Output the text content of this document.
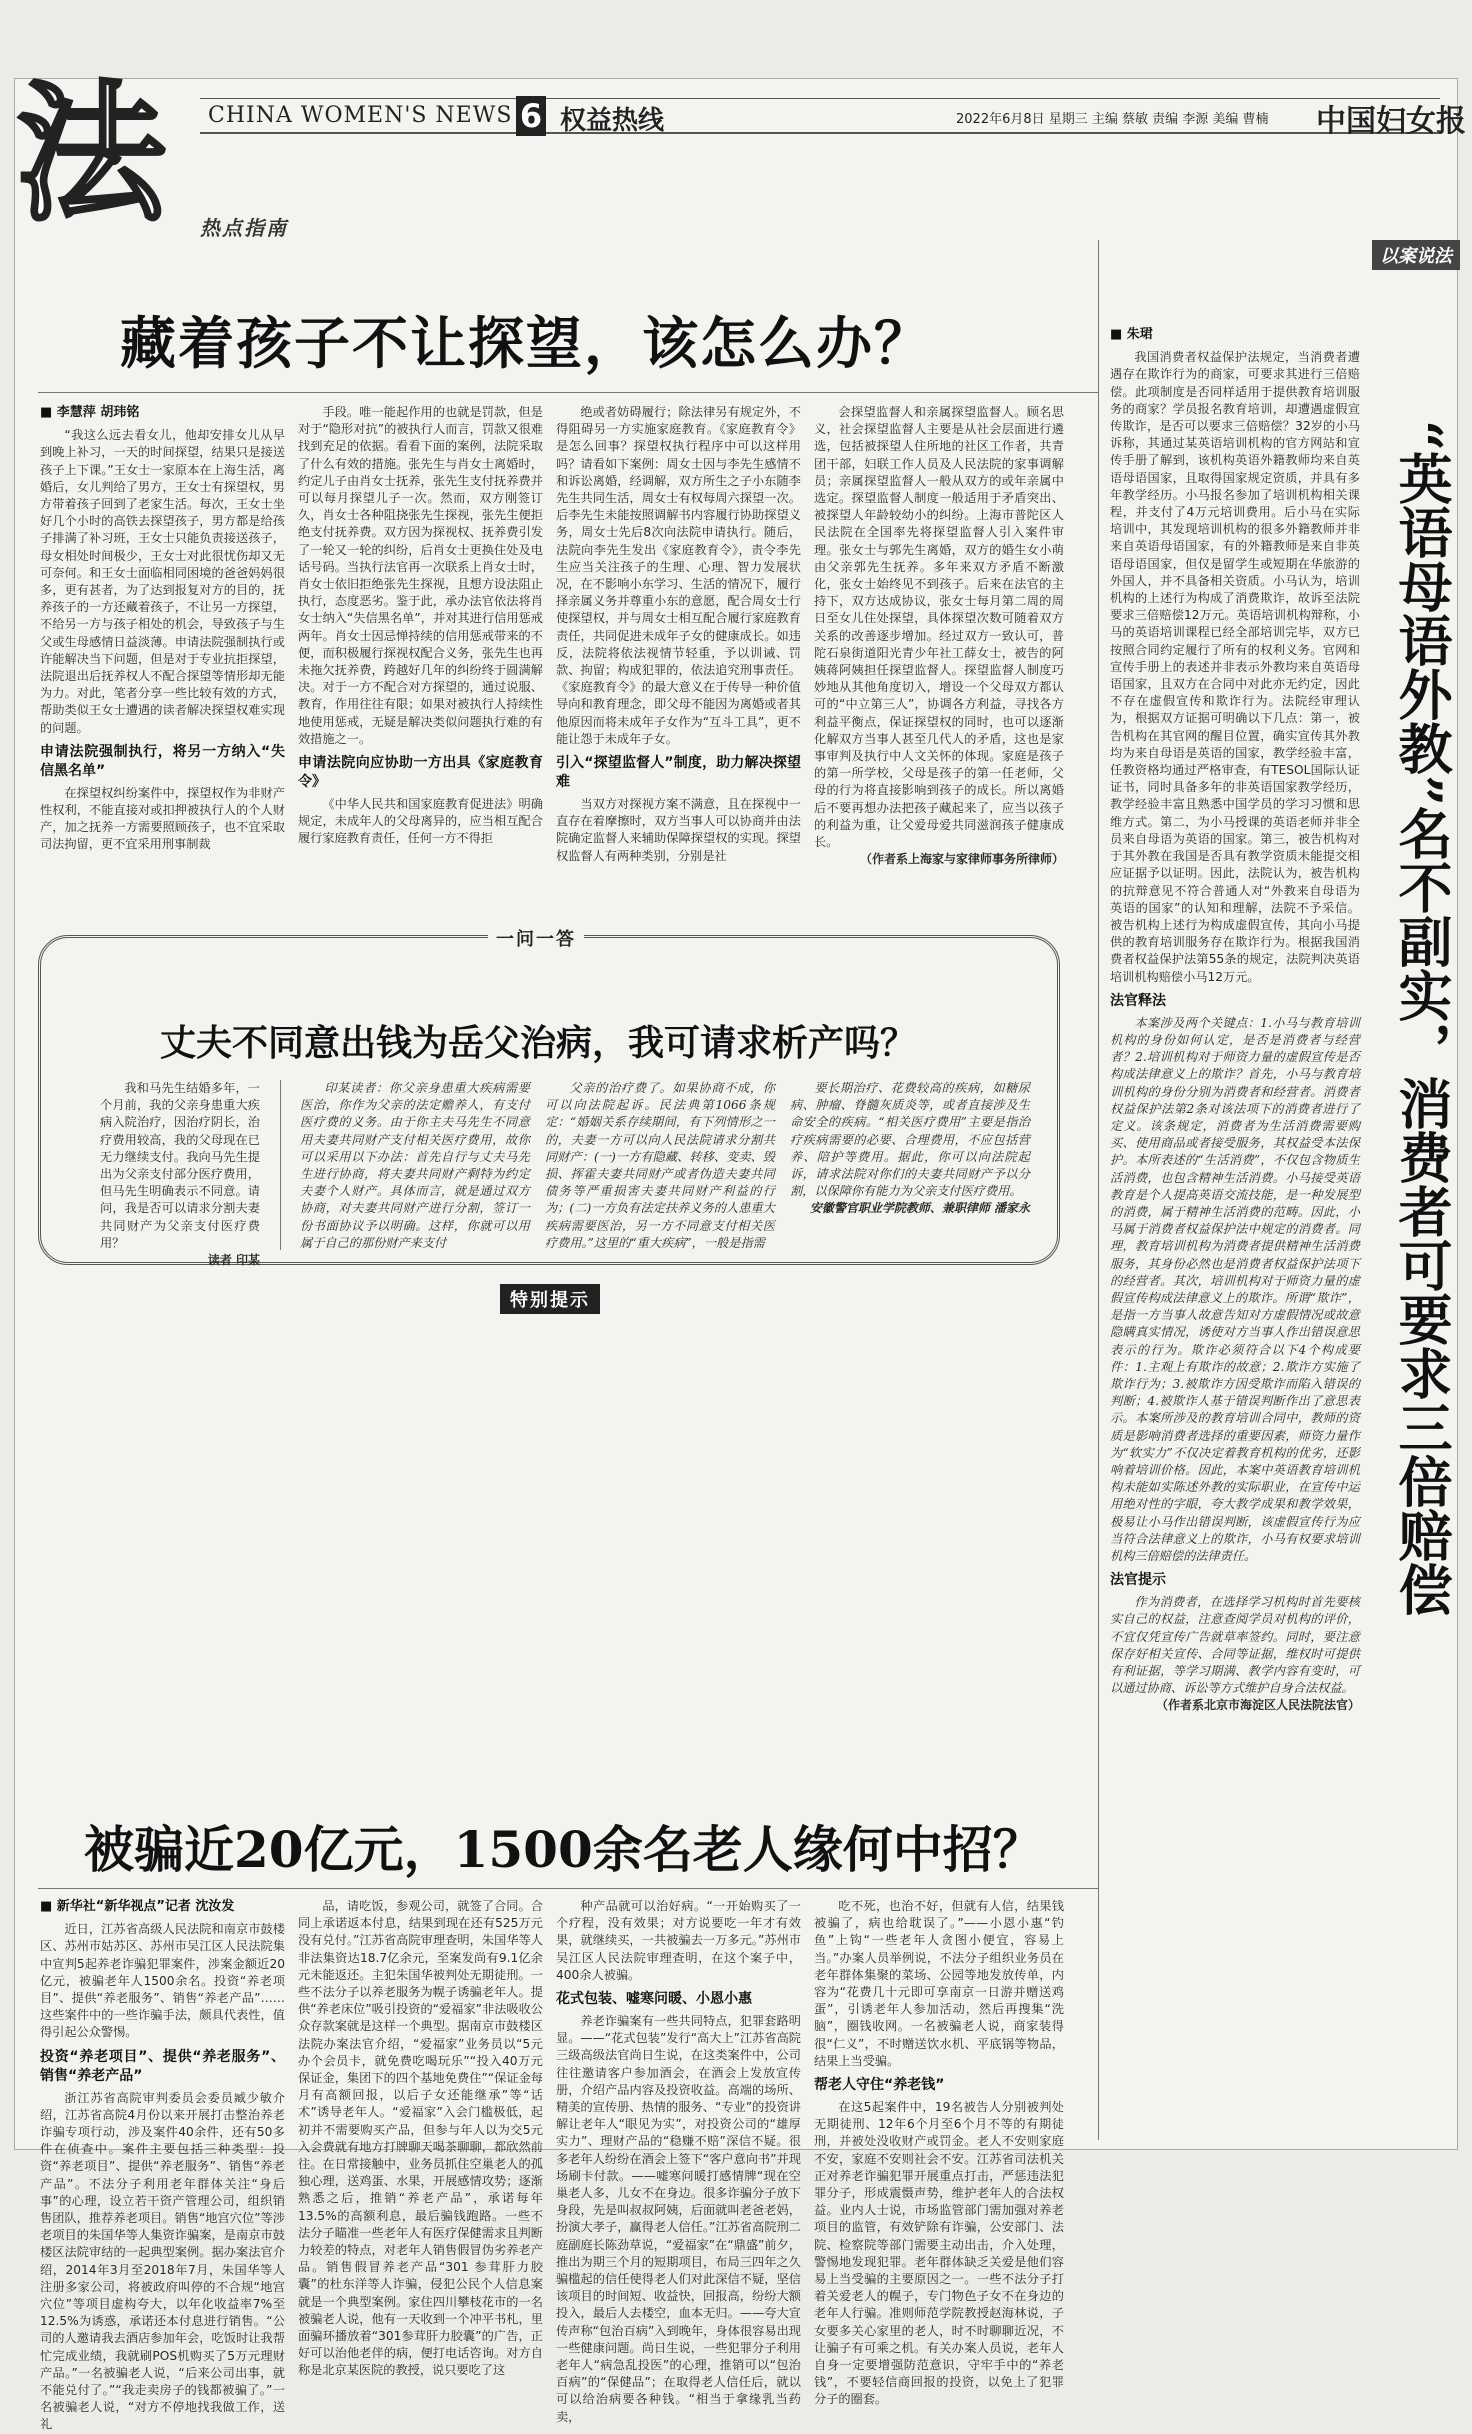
法	热点指南
CHINA WOMEN'S NEWS 6 权益热线	2022年6月8日 星期三 主编 蔡敏 责编 李源 美编 曹楠 中国妇女报
藏着孩子不让探望，该怎么办？
■ 李慧萍 胡玮铭

“我这么远去看女儿，他却安排女儿从早到晚上补习，一天的时间探望，结果只是接送孩子上下课。”王女士一家原本在上海生活，离婚后，女儿判给了男方，王女士有探望权，男方带着孩子回到了老家生活。每次，王女士坐好几个小时的高铁去探望孩子，男方都是给孩子排满了补习班，王女士只能负责接送孩子，母女相处时间极少，王女士对此很忧伤却又无可奈何。和王女士面临相同困境的爸爸妈妈很多，更有甚者，为了达到报复对方的目的，抚养孩子的一方还藏着孩子，不让另一方探望，不给另一方与孩子相处的机会，导致孩子与生父或生母感情日益淡薄。申请法院强制执行或许能解决当下问题，但是对于专业抗拒探望，法院退出后抚养权人不配合探望等情形却无能为力。对此，笔者分享一些比较有效的方式，帮助类似王女士遭遇的读者解决探望权难实现的问题。

申请法院强制执行，将另一方纳入“失信黑名单”

在探望权纠纷案件中，探望权作为非财产性权利，不能直接对或扣押被执行人的个人财产，加之抚养一方需要照顾孩子，也不宜采取司法拘留，更不宜采用刑事制裁

手段。唯一能起作用的也就是罚款，但是对于“隐形对抗”的被执行人而言，罚款又很难找到充足的依据。看看下面的案例，法院采取了什么有效的措施。张先生与肖女士离婚时，约定儿子由肖女士抚养，张先生支付抚养费并可以每月探望儿子一次。然而，双方刚签订久，肖女士各种阻挠张先生探视，张先生便拒绝支付抚养费。双方因为探视权、抚养费引发了一轮又一轮的纠纷，后肖女士更换住处及电话号码。当执行法官再一次联系上肖女士时，肖女士依旧拒绝张先生探视，且想方设法阻止执行，态度恶劣。鉴于此，承办法官依法将肖女士纳入“失信黑名单”，并对其进行信用惩戒两年。肖女士因忌惮持续的信用惩戒带来的不便，而积极履行探视权配合义务，张先生也再未拖欠抚养费，跨越好几年的纠纷终于圆满解决。对于一方不配合对方探望的，通过说服、教育，作用往往有限；如果对被执行人持续性地使用惩戒，无疑是解决类似问题执行难的有效措施之一。

申请法院向应协助一方出具《家庭教育令》

《中华人民共和国家庭教育促进法》明确规定，未成年人的父母离异的，应当相互配合履行家庭教育责任，任何一方不得拒

绝或者妨碍履行；除法律另有规定外，不得阻碍另一方实施家庭教育。《家庭教育令》是怎么回事？探望权执行程序中可以这样用吗？请看如下案例：周女士因与李先生感情不和诉讼离婚，经调解，双方所生之子小东随李先生共同生活，周女士有权每周六探望一次。后李先生未能按照调解书内容履行协助探望义务，周女士先后8次向法院申请执行。随后，法院向李先生发出《家庭教育令》，责令李先生应当关注孩子的生理、心理、智力发展状况，在不影响小东学习、生活的情况下，履行择亲属义务并尊重小东的意愿，配合周女士行使探望权，并与周女士相互配合履行家庭教育责任，共同促进未成年子女的健康成长。如违反，法院将依法视情节轻重，予以训诫、罚款、拘留；构成犯罪的，依法追究刑事责任。《家庭教育令》的最大意义在于传导一种价值导向和教育理念，即父母不能因为离婚或者其他原因而将未成年子女作为“互斗工具”，更不能让怨于未成年子女。

引入“探望监督人”制度，助力解决探望难

当双方对探视方案不满意，且在探视中一直存在着摩擦时，双方当事人可以协商并由法院确定监督人来辅助保障探望权的实现。探望权监督人有两种类别，分别是社

会探望监督人和亲属探望监督人。顾名思义，社会探望监督人主要是从社会层面进行遴选，包括被探望人住所地的社区工作者，共青团干部，妇联工作人员及人民法院的家事调解员；亲属探望监督人一般从双方的或年亲属中选定。探望监督人制度一般适用于矛盾突出、被探望人年龄较幼小的纠纷。上海市普陀区人民法院在全国率先将探望监督人引入案件审理。张女士与郭先生离婚，双方的婚生女小萌由父亲郭先生抚养。多年来双方矛盾不断激化，张女士始终见不到孩子。后来在法官的主持下，双方达成协议，张女士每月第二周的周日至女儿住处探望，具体探望次数可随着双方关系的改善逐步增加。经过双方一致认可，普陀石泉街道阳光青少年社工薛女士，被告的阿姨蒋阿姨担任探望监督人。探望监督人制度巧妙地从其他角度切入，增设一个父母双方都认可的“中立第三人”，协调各方利益，寻找各方利益平衡点，保证探望权的同时，也可以逐渐化解双方当事人甚至几代人的矛盾，这也是家事审判及执行中人文关怀的体现。家庭是孩子的第一所学校，父母是孩子的第一任老师，父母的行为将直接影响到孩子的成长。所以离婚后不要再想办法把孩子藏起来了，应当以孩子的利益为重，让父爱母爱共同滋润孩子健康成长。

（作者系上海家与家律师事务所律师）
一问一答
丈夫不同意出钱为岳父治病，我可请求析产吗？

我和马先生结婚多年，一个月前，我的父亲身患重大疾病入院治疗，因治疗阴长，治疗费用较高，我的父母现在已无力继续支付。我向马先生提出为父亲支付部分医疗费用，但马先生明确表示不同意。请问，我是否可以请求分割夫妻共同财产为父亲支付医疗费用？

读者 印某

印某读者：你父亲身患重大疾病需要医治，你作为父亲的法定赡养人，有支付医疗费的义务。由于你主夫马先生不同意用夫妻共同财产支付相关医疗费用，故你可以采用以下办法：首先自行与丈夫马先生进行协商，将夫妻共同财产剩特为约定夫妻个人财产。具体而言，就是通过双方协商，对夫妻共同财产进行分割，签订一份书面协议予以明确。这样，你就可以用属于自己的那份财产来支付

父亲的治疗费了。如果协商不成，你可以向法院起诉。民法典第1066条规定：“婚姻关系存续期间，有下列情形之一的，夫妻一方可以向人民法院请求分割共同财产：(一)一方有隐藏、转移、变卖、毁损、挥霍夫妻共同财产或者伪造夫妻共同债务等严重损害夫妻共同财产利益的行为；(二)一方负有法定扶养义务的人患重大疾病需要医治，另一方不同意支付相关医疗费用。”这里的“重大疾病”，一般是指需

要长期治疗、花费较高的疾病，如糖尿病、肿瘤、脊髓灰质炎等，或者直接涉及生命安全的疾病。“相关医疗费用”主要是指治疗疾病需要的必要、合理费用，不应包括营养、陪护等费用。据此，你可以向法院起诉，请求法院对你们的夫妻共同财产予以分割，以保障你有能力为父亲支付医疗费用。

安徽警官职业学院教师、兼职律师 潘家永
特别提示
被骗近20亿元，1500余名老人缘何中招？
■ 新华社“新华视点”记者 沈汝发

近日，江苏省高级人民法院和南京市鼓楼区、苏州市姑苏区、苏州市吴江区人民法院集中宣判5起养老诈骗犯罪案件，涉案金额近20亿元，被骗老年人1500余名。投资“养老项目”、提供“养老服务”、销售“养老产品”……这些案件中的一些诈骗手法，颇具代表性，值得引起公众警惕。

投资“养老项目”、提供“养老服务”、销售“养老产品”

浙江苏省高院审判委员会委员臧少敏介绍，江苏省高院4月份以来开展打击整治养老诈骗专项行动，涉及案件40余件，还有50多件在侦查中。案件主要包括三种类型：投资“养老项目”、提供“养老服务”、销售“养老产品”。不法分子利用老年群体关注“身后事”的心理，设立若干资产管理公司，组织销售团队，推荐养老项目。销售“地宫穴位”等涉老项目的朱国华等人集资诈骗案，是南京市鼓楼区法院审结的一起典型案例。据办案法官介绍，2014年3月至2018年7月，朱国华等人注册多家公司，将被政府叫停的不合规“地宫穴位”等项目虚构夸大，以年化收益率7%至12.5%为诱惑，承诺还本付息进行销售。“公司的人邀请我去酒店参加年会，吃饭时让我帮忙完成业绩，我就刷POS机购买了5万元理财产品。”一名被骗老人说，“后来公司出事，就不能兑付了。”“我走卖房子的钱都被骗了。”一名被骗老人说，“对方不停地找我做工作，送礼

品，请吃饭，参观公司，就签了合同。合同上承诺返本付息，结果到现在还有525万元没有兑付。”江苏省高院审理查明，朱国华等人非法集资达18.7亿余元，至案发尚有9.1亿余元未能返还。主犯朱国华被判处无期徒刑。一些不法分子以养老服务为幌子诱骗老年人。提供“养老床位”吸引投资的“爱福家”非法吸收公众存款案就是这样一个典型。据南京市鼓楼区法院办案法官介绍，“爱福家”业务员以“5元办个会员卡，就免费吃喝玩乐”“投入40万元保证金，集团下的四个基地免费住”“保证金每月有高额回报，以后子女还能继承”等“话术”诱导老年人。“爱福家”入会门槛极低，起初并不需要购买产品，但参与年人以为交5元入会费就有地方打牌聊天喝茶聊聊，都欣然前往。在日常接触中，业务员抓住空巢老人的孤独心理，送鸡蛋、水果，开展感情攻势；逐渐熟悉之后，推销“养老产品”，承诺每年13.5%的高额利息，最后骗钱跑路。一些不法分子瞄准一些老年人有医疗保健需求且判断力较差的特点，对老年人销售假冒伪劣养老产品。销售假冒养老产品“301 参茸肝力胶囊”的杜东洋等人诈骗，侵犯公民个人信息案就是一个典型案例。家住四川攀枝花市的一名被骗老人说，他有一天收到一个冲平书札，里面骗环播放着“301参茸肝力胶囊”的广告，正好可以治他老伴的病，便打电话咨询。对方自称是北京某医院的教授，说只要吃了这

种产品就可以治好病。“一开始购买了一个疗程，没有效果；对方说要吃一年才有效果，就继续买，一共被骗去一万多元。”苏州市吴江区人民法院审理查明，在这个案子中，400余人被骗。

花式包装、嘘寒问暖、小恩小惠

养老诈骗案有一些共同特点，犯罪套路明显。——“花式包装”发行“高大上”江苏省高院三级高级法官尚日生说，在这类案件中，公司往往邀请客户参加酒会，在酒会上发放宣传册，介绍产品内容及投资收益。高端的场所、精美的宣传册、热情的服务、“专业”的投资讲解让老年人“眼见为实”，对投资公司的“雄厚实力”、理财产品的“稳赚不赔”深信不疑。很多老年人纷纷在酒会上签下“客户意向书”并现场刷卡付款。——嘘寒问暖打感情牌“现在空巢老人多，儿女不在身边。很多诈骗分子放下身段，先是叫叔叔阿姨，后面就叫老爸老妈，扮演大孝子，赢得老人信任。”江苏省高院刑二庭副庭长陈劲草说，“爱福家”在“鼎盛”前夕，推出为期三个月的短期项目，布局三四年之久骗槛起的信任使得老人们对此深信不疑，坚信该项目的时间短、收益快，回报高，纷纷大额投入，最后人去楼空，血本无归。——夸大宣传声称“包治百病”入到晚年，身体很容易出现一些健康问题。尚日生说，一些犯罪分子利用老年人“病急乱投医”的心理，推销可以“包治百病”的“保健品”；在取得老人信任后，就以可以给治病要各种钱。“相当于拿缘乳当药卖，

吃不死，也治不好，但就有人信，结果钱被骗了，病也给耽误了。”——小恩小惠“钓鱼”上钩“一些老年人贪图小便宜，容易上当。”办案人员举例说，不法分子组织业务员在老年群体集聚的菜场、公园等地发放传单，内容为“花费几十元即可享南京一日游并赠送鸡蛋”，引诱老年人参加活动，然后再搜集“洗脑”，圈钱收网。一名被骗老人说，商家装得很“仁义”，不时赠送饮水机、平底锅等物品，结果上当受骗。

帮老人守住“养老钱”

在这5起案件中，19名被告人分别被判处无期徒刑、12年6个月至6个月不等的有期徒刑，并被处没收财产或罚金。老人不安则家庭不安，家庭不安则社会不安。江苏省司法机关正对养老诈骗犯罪开展重点打击，严惩违法犯罪分子，形成震慑声势，维护老年人的合法权益。业内人士说，市场监管部门需加强对养老项目的监管，有效铲除有诈骗，公安部门、法院、检察院等部门需要主动出击，介入处理，警惕地发现犯罪。老年群体缺乏关爱是他们容易上当受骗的主要原因之一。一些不法分子打着关爱老人的幌子，专门物色子女不在身边的老年人行骗。准则师范学院教授赵海林说，子女要多关心家里的老人，时不时聊聊近况，不让骗子有可乘之机。有关办案人员说，老年人自身一定要增强防范意识，守牢手中的“养老钱”，不要轻信商回报的投资，以免上了犯罪分子的圈套。

以案说法
“英语母语外教”名不副实，消费者可要求三倍赔偿
■ 朱珺

我国消费者权益保护法规定，当消费者遭遇存在欺诈行为的商家，可要求其进行三倍赔偿。此项制度是否同样适用于提供教育培训服务的商家？学员报名教育培训，却遭遇虚假宣传欺诈，是否可以要求三倍赔偿？32岁的小马诉称，其通过某英语培训机构的官方网站和宣传手册了解到，该机构英语外籍教师均来自英语母语国家，且取得国家规定资质，并具有多年教学经历。小马报名参加了培训机构相关课程，并支付了4万元培训费用。后小马在实际培训中，其发现培训机构的很多外籍教师并非来自英语母语国家，有的外籍教师是来自非英语母语国家，但仅是留学生或短期在华旅游的外国人，并不具备相关资质。小马认为，培训机构的上述行为构成了消费欺诈，故诉至法院要求三倍赔偿12万元。英语培训机构辩称，小马的英语培训课程已经全部培训完毕，双方已按照合同约定履行了所有的权利义务。官网和宣传手册上的表述并非表示外教均来自英语母语国家，且双方在合同中对此亦无约定，因此不存在虚假宣传和欺诈行为。法院经审理认为，根据双方证据可明确以下几点：第一，被告机构在其官网的醒目位置，确实宣传其外教均为来自母语是英语的国家，教学经验丰富，任教资格均通过严格审查，有TESOL国际认证证书，同时具备多年的非英语国家教学经历，教学经验丰富且熟悉中国学员的学习习惯和思维方式。第二，为小马授课的英语老师并非全员来自母语为英语的国家。第三，被告机构对于其外教在我国是否具有教学资质未能提交相应证据予以证明。因此，法院认为，被告机构的抗辩意见不符合普通人对“外教来自母语为英语的国家”的认知和理解，法院不予采信。被告机构上述行为构成虚假宣传，其向小马提供的教育培训服务存在欺诈行为。根据我国消费者权益保护法第55条的规定，法院判决英语培训机构赔偿小马12万元。

法官释法

本案涉及两个关键点：1.小马与教育培训机构的身份如何认定，是否是消费者与经营者？2.培训机构对于师资力量的虚假宣传是否构成法律意义上的欺诈？首先，小马与教育培训机构的身份分别为消费者和经营者。消费者权益保护法第2条对该法项下的消费者进行了定义。该条规定，消费者为生活消费需要购买、使用商品或者接受服务，其权益受本法保护。本所表述的“生活消费”，不仅包含物质生活消费，也包含精神生活消费。小马接受英语教育是个人提高英语交流技能，是一种发展型的消费，属于精神生活消费的范畴。因此，小马属于消费者权益保护法中规定的消费者。同理，教育培训机构为消费者提供精神生活消费服务，其身份必然也是消费者权益保护法项下的经营者。其次，培训机构对于师资力量的虚假宣传构成法律意义上的欺诈。所谓“欺诈”，是指一方当事人故意告知对方虚假情况或故意隐瞒真实情况，诱使对方当事人作出错误意思表示的行为。欺诈必须符合以下4个构成要件：1.主观上有欺诈的故意；2.欺诈方实施了欺诈行为；3.被欺诈方因受欺诈而陷入错误的判断；4.被欺诈人基于错误判断作出了意思表示。本案所涉及的教育培训合同中，教师的资质是影响消费者选择的重要因素，师资力量作为“软实力”不仅决定着教育机构的优劣，还影响着培训价格。因此，本案中英语教育培训机构未能如实陈述外教的实际职业，在宣传中运用绝对性的字眼，夸大教学成果和教学效果，极易让小马作出错误判断，该虚假宣传行为应当符合法律意义上的欺诈，小马有权要求培训机构三倍赔偿的法律责任。

法官提示

作为消费者，在选择学习机构时首先要核实自己的权益，注意查阅学员对机构的评价，不宜仅凭宣传广告就草率签约。同时，要注意保存好相关宣传、合同等证据，维权时可提供有利证据，等学习期满、教学内容有变时，可以通过协商、诉讼等方式维护自身合法权益。

（作者系北京市海淀区人民法院法官）
